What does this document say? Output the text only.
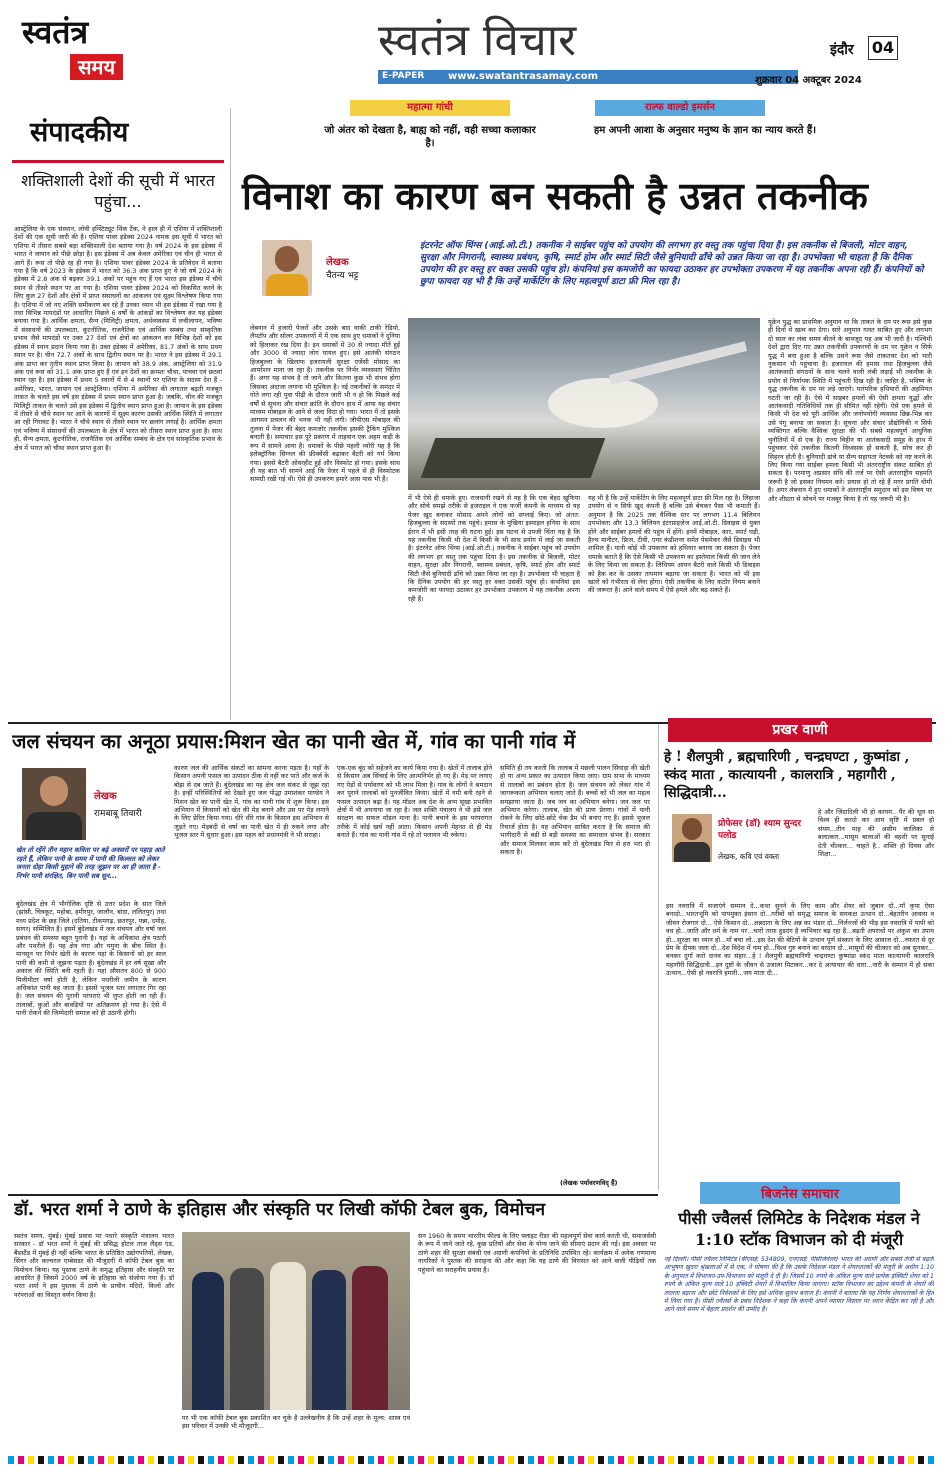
स्वतंत्र
समय
स्वतंत्र विचार
E-PAPER www.swatantrasamay.com
इंदौर 04
शुक्रवार 04 अक्टूबर 2024
महात्मा गांधी
जो अंतर को देखता है, बाह्य को नहीं, वही सच्चा कलाकार है।
राल्फ वाल्डो इमर्सन
हम अपनी आशा के अनुसार मनुष्य के ज्ञान का न्याय करते हैं।
संपादकीय
शक्तिशाली देशों की सूची में भारत पहुंचा...
आस्ट्रेलिया के एक संस्थान, लोवी इन्स्टिट्यूट थिंक टैंक, ने हाल ही में एशिया में शक्तिशाली देशों की एक सूची जारी की है। एशिया पावर इंडेक्स 2024 नामक इस सूची में भारत को एशिया में तीसरा सबसे बड़ा शक्तिशाली देश बताया गया है। वर्ष 2024 के इस इंडेक्स में भारत ने जापान को पीछे छोड़ा है। इस इंडेक्स में अब केवल अमेरिका एवं चीन ही भारत से आगे हैं। रूस तो पीछे रह ही गया है। एशिया पावर इंडेक्स 2024 के प्रतिवेदन में बताया गया है कि वर्ष 2023 के इंडेक्स में भारत को 36.3 अंक प्राप्त हुए थे जो वर्ष 2024 के इंडेक्स में 2.8 अंक से बढ़कर 39.1 अंकों पर पहुंच गए हैं एवं भारत इस इंडेक्स में चौथे स्थान से तीसरे स्थान पर आ गया है। एशिया पावर इंडेक्स 2024 को विकसित करने के लिए कुल 27 देशों और क्षेत्रों में प्राप्त संसाधनों का आंकलन एवं सूक्ष्म विश्लेषण किया गया है। एशिया में जो नए शक्ति समीकरण बन रहे हैं उनका ध्यान भी इस इंडेक्स में रखा गया है तथा विभिन्न मापदंडों पर आधारित पिछले 6 वर्षों के आंकड़ों का विश्लेषण कर यह इंडेक्स बनाया गया है। आर्थिक क्षमता, सैन्य (मिलिट्री) क्षमता, अर्थव्यवस्था में लचीलापन, भविष्य में संसाधनों की उपलब्धता, कूटनीतिक, राजनैतिक एवं आर्थिक सम्बंध तथा संस्कृतिक प्रभाव जैसे मापदंडों पर उक्त 27 देशों एवं क्षेत्रों का आंकलन कर विभिन्न देशों को इस इंडेक्स में स्थान प्रदान किया गया है। उक्त इंडेक्स में अमेरिका, 81.7 अंकों के साथ प्रथम स्थान पर है। चीन 72.7 अंकों के साथ द्वितीय स्थान पर है। भारत ने इस इंडेक्स में 39.1 अंक प्राप्त कर तृतीय स्थान प्राप्त किया है। जापान को 38.9 अंक, आस्ट्रेलिया को 31.9 अंक एवं रूस को 31.1 अंक प्राप्त हुए हैं एवं इन देशों का क्रमशः चौथा, पांचवा एवं छठवां स्थान रहा है। इस इंडेक्स में प्रथम 5 स्थानों में से 4 स्थानों पर एशिया के सदस्य देश हैं - अमेरिका, भारत, जापान एवं आस्ट्रेलिया। एशिया में अमेरिका की लगातार बढ़ती मजबूत ताकत के चलते इस वर्ष इस इंडेक्स में प्रथम स्थान प्राप्त हुआ है। जबकि, चीन की मजबूत मिलिट्री ताकत के चलते उसे इस इंडेक्स में द्वितीय स्थान प्राप्त हुआ है। जापान के इस इंडेक्स में तीसरे से चौथे स्थान पर आने के कारणों में सूक्ष्म कारण उसकी आर्थिक स्थिति में लगातार आ रही गिरावट है। भारत ने चौथे स्थान से तीसरे स्थान पर छलांग लगाई है। आर्थिक क्षमता एवं भविष्य में संसाधनों की उपलब्धता के क्षेत्र में भारत को तीसरा स्थान प्राप्त हुआ है। साथ ही, सैन्य क्षमता, कूटनीतिक, राजनैतिक एवं आर्थिक सम्बंध के क्षेत्र एवं सांस्कृतिक प्रभाव के क्षेत्र में भारत को चौथा स्थान प्राप्त हुआ है।
विनाश का कारण बन सकती है उन्नत तकनीक
लेखक
चैतन्य भट्ट
इंटरनेट ऑफ थिंग्स (आई.ओ.टी.) तकनीक ने साईबर पहुंच को उपयोग की लगभग हर वस्तु तक पहुंचा दिया है। इस तकनीक से बिजली, मोटर वाहन, सुरक्षा और निगरानी, स्वास्थ्य प्रबंधन, कृषि, स्मार्ट होम और स्मार्ट सिटी जैसे बुनियादी ढाँचे को उन्नत किया जा रहा है। उपभोक्ता भी चाहता है कि दैनिक उपयोग की हर वस्तु हर वक्त उसकी पहुंच हो। कंपनियां इस कमजोरी का फायदा उठाकर हर उपभोक्ता उपकरण में यह तकनीक अपना रही हैं। कंपनियों को छुपा फायदा यह भी है कि उन्हें मार्केटिंग के लिए महत्वपूर्ण डाटा फ्री मिल रहा है।
लेबनान में हजारों पेजरों और उसके बाद वाकी टाकी रेडियो, लैपटॉप और सोलर उपकरणों में में एक साथ हुए धमाकों ने दुनिया को हिलाकर रख दिया है। इन धमाकों में 30 से ज्यादा मौतें हुईं और 3000 से ज्यादा लोग घायल हुए। इसे आतंकी संगठन हिजबुल्ला के खिलाफ इजरायली सुरक्षा एजेंसी मोसाद का आपरेशन माना जा रहा है। तकनीक पर निर्भर व्यवस्थाएं चिंतित हैं। अगर यह संभव है तो जाने और कितना कुछ भी संभव होगा जिसका अंदाजा लगाना भी मुश्किल है। नई तकनीकों के समंदर में गोते लगा रही युवा पीढ़ी के दौरान जारी भी न हो कि पिछले कई वर्षों से सूचना और संचार क्रांति के दौरान हाथ में आया यह संचार माध्यम मोबाइल के आने से जल्द विदा हो गया। भारत में तो इसके आगमन प्रचलन की भनक भी नहीं लगी। जीपीएस मोबाइल की तुलना में पेजर की बेहद कमजोर तकनीक इसकी ट्रैकिंग मुश्किल बनाती है। समाचार इस पूरे प्रकरण में ताइवान एक अहम कड़ी के रूप में सामने आया है। धमाकों के पीछे पहली थ्योरी यह है कि इलेक्ट्रॉनिक सिग्नल की फ्रीक्वेंसी बढ़ाकर बैटरी को गर्म किया गया। इससे बैटरी ओवरहीट हुई और विस्फोट हो गया। इसके साथ ही यह बात भी सामने आई कि पेजर में पहले से ही विस्फोटक सामग्री रखी गई थी। ऐसे ही उपकरण हमारे आस पास भी हैं।
में भी ऐसे ही धमाके हुए। राजधानी रखने से यह है कि एक बेहद खुफिया और सोचे समझे तरीके से इजराइल ने एक फर्जी कंपनी के माध्यम से यह पेजर खुद बनाकर मोसाद अपने लोगों को सप्लाई किए। जो अंतत: हिजबुल्ला के सदस्यों तक पहुंचे। हमास के मुखिया इस्माइल हनिया के साथ ईरान में भी इसी तरह की घटना हुई। इस घटना से उपजी चिंता यह है कि यह तकनीक किसी भी देश में किसी के भी साथ प्रयोग में लाई जा सकती है। इंटरनेट ऑफ थिंग्स (आई.ओ.टी.) तकनीक ने साईबर पहुंच को उपयोग की लगभग हर वस्तु तक पहुंचा दिया है। इस तकनीक से बिजली, मोटर वाहन, सुरक्षा और निगरानी, स्वास्थ्य प्रबंधन, कृषि, स्मार्ट होम और स्मार्ट सिटी जैसे बुनियादी ढाँचे को उन्नत किया जा रहा है। उपभोक्ता भी चाहता है कि दैनिक उपयोग की हर वस्तु हर वक्त उसकी पहुंच हो। कंपनियां इस कमजोरी का फायदा उठाकर हर उपभोक्ता उपकरण में यह तकनीक अपना रही हैं।
यह भी है कि उन्हें मार्केटिंग के लिए महत्वपूर्ण डाटा फ्री मिल रहा है। लिहाजा उपयोग से न सिर्फ खुद कंपनी है बल्कि उसे बेचकर पैसा भी कमाती हैं। अनुमान है कि 2025 तक वैश्विक स्तर पर लगभग 11.4 बिलियन उपभोक्ता और 13.3 बिलियन इंटरप्राइज़ेज आई.ओ.टी. डिवाइस से युक्त होंगे और साईबर हमलों की पहुंच में होंगे। इनमें मोबाइल, कार, स्मार्ट घड़ी, हैल्थ मानीटर, फ्रिज, टीवी, एयर कंडीशनर समेत पेसमेकर जैसे डिवाइस भी शामिल हैं। यानी कोई भी उपकरण को हथियार बनाया जा सकता है। पेजर धमाके बताते हैं कि ऐसे किसी भी उपकरण का इस्तेमाल किसी की जान लेने के लिए किया जा सकता है। लिथियम आयन बैटरी वाले किसी भी डिवाइस को हैक कर के उसका तापमान बढ़ाया जा सकता है। भारत को भी इस खतरे को गंभीरता से लेना होगा। ऐसी तकनीक के लिए कठोर नियम बनाने की जरूरत है। आने वाले समय में ऐसे हमले और बढ़ सकते हैं।
यूक्रेन युद्ध का प्राथमिक अनुमान था कि ताकत के दम पर रूस इसे कुछ ही दिनों में खत्म कर देगा। सारे अनुमान गलत साबित हुए और लगभग दो साल का लंबा समय बीतने के बावजूद यह अब भी जारी है। पश्चिमी देशों द्वारा दिए गए उन्नत तकनीकी उपकरणों के दम पर यूक्रेन न सिर्फ युद्ध में बना हुआ है बल्कि उसने रूस जैसे ताकतवर देश को भारी नुकसान भी पहुंचाया है। इजरायल की हमास तथा हिजबुल्ला जैसे आतंकवादी संगठनों के साथ चलने वाली लंबी लड़ाई भी तकनीक के प्रयोग से निर्णायक स्थिति में पहुंचती दिख रही है। जाहिर है, भविष्य के युद्ध तकनीक के दम पर लड़े जाएंगे। पारंपरिक हथियारों की अहमियत घटती जा रही है। ऐसे में साइबर हमलों की ऐसी क्षमता युद्धों और आतंकवादी गतिविधियों तक ही सीमित नहीं रहेगी। ऐसे एक हमले से किसी भी देश को पूरी आर्थिक और जनोपयोगी व्यवस्था छिन्न-भिन्न कर उसे पंगु बनाया जा सकता है। सूचना और संचार प्रौद्योगिकी न सिर्फ व्यक्तिगत बल्कि वैश्विक सुरक्षा की भी सबसे महत्वपूर्ण आधुनिक चुनौतियों में से एक है। राज्य विहीन या आतंकवादी समूह के हाथ में पहुंचकर ऐसे तकनीक कितनी विध्वंसक हो सकती है, सोच कर ही सिहरन होती है। बुनियादी ढांचे या सैन्य सहायता नेटवर्क को नष्ट करने के लिए किया गया साईबर हमला किसी भी अंतरराष्ट्रीय संकट साबित हो सकता है। परमाणु अप्रसार संधि की तर्ज पर ऐसी अंतरराष्ट्रीय सहमति जरूरी है जो इसका नियमन करे। प्रयास हो तो रहे हैं मगर प्रगति धीमी है। अगर लेबनान में हुए धमाकों ने अंतरराष्ट्रीय समुदाय को इस विषय पर और शीघ्रता से सोचने पर मजबूर किया है तो यह जरूरी भी है।
जल संचयन का अनूठा प्रयास:मिशन खेत का पानी खेत में, गांव का पानी गांव में
लेखक
रामबाबू तिवारी
खेत तो रहेंगे तीन महान कविता पर बढ़े अवसरों पर पहाड़ आते रहते हैं, लेकिन पानी के समय में पानी की किल्लत को लेकर जनता दोहा किसी मुहाने की तरह जूझन पर आ ही जाता है - निर्भर पानी संरक्षित, बिन पानी सब सून...
बुंदेलखंड क्षेत्र में भौगोलिक दृष्टि से उत्तर प्रदेश के सात जिले (झांसी, चित्रकूट, महोबा, हमीरपुर, जालौन, बांदा, ललितपुर) तथा मध्य प्रदेश के छह जिले (दतिया, टीकमगढ़, छतरपुर, पन्ना, दमोह, सागर) सम्मिलित हैं। इसमें बुंदेलखंड में जल संचयन और वर्षा जल प्रबंधन की समस्या बहुत पुरानी है। यहां के अधिकांश क्षेत्र पठारी और पथरीले हैं। यह क्षेत्र गंगा और यमुना के बीच स्थित है। मानसून पर निर्भर खेती के कारण यहां के किसानों को हर साल पानी की कमी से जूझना पड़ता है। बुंदेलखंड में हर वर्ष सूखा और अकाल की स्थिति बनी रहती है। यहां औसतन 800 से 900 मिलीमीटर वर्षा होती है, लेकिन पथरीली जमीन के कारण अधिकांश पानी बह जाता है। इससे भूजल स्तर लगातार गिर रहा है। जल संचयन की पुरानी परंपराएं भी लुप्त होती जा रही हैं। तालाबों, कुओं और बावड़ियों पर अतिक्रमण हो गया है। ऐसे में पानी रोकने की जिम्मेदारी समाज को ही उठानी होगी।
कारण जल की आर्थिक संकटों का सामना करना पड़ता है। यहाँ के किसान अपनी फसल का उत्पादन ठीक से नहीं कर पाते और कर्ज के बोझ से दब जाते हैं। बुंदेलखंड का यह क्षेत्र जल संकट से जूझ रहा है। इन्हीं परिस्थितियों को देखते हुए जल योद्धा उमाशंकर पाण्डेय ने मिशन खेत का पानी खेत में, गांव का पानी गांव में शुरू किया। इस अभियान में किसानों को खेत की मेड़ बनाने और उस पर पेड़ लगाने के लिए प्रेरित किया गया। धीरे धीरे गांव के किसान इस अभियान से जुड़ते गए। मेड़बंदी से वर्षा का पानी खेत में ही रुकने लगा और भूजल स्तर में सुधार हुआ। इस पहल को प्रधानमंत्री ने भी सराहा।
एक-एक बूंद को सहेजने का कार्य किया गया है। खेतों में तालाब होने से किसान अब सिंचाई के लिए आत्मनिर्भर हो गए हैं। मेड़ पर लगाए गए पेड़ों से पर्यावरण को भी लाभ मिला है। गांव के लोगों ने श्रमदान कर पुराने तालाबों को पुनर्जीवित किया। खेतों में नमी बनी रहने से फसल उत्पादन बढ़ा है। यह मॉडल अब देश के अन्य सूखा प्रभावित क्षेत्रों में भी अपनाया जा रहा है। जल शक्ति मंत्रालय ने भी इसे जल संरक्षण का सफल मॉडल माना है। पानी बचाने के इस परंपरागत तरीके में कोई खर्च नहीं आता। किसान अपनी मेहनत से ही मेड़ बनाते हैं। गांव का पानी गांव में रहे तो पलायन भी रुकेगा।
समिति ही तय करती कि तालाब में मछली पालन सिंघाड़ा की खेती हो या अन्य प्रकार का उत्पादन किया जाए। ग्राम सभा के माध्यम से तालाबों का प्रबंधन होता है। जल संचयन को लेकर गांव में जागरूकता अभियान चलाए जाते हैं। बच्चों को भी जल का महत्व समझाया जाता है। जब जन का अभियान बनेगा। जन जल पर अभियान करेगा। तालाब, खेत की प्राण प्रेरणा। गांवों में पानी रोकने के लिए छोटे-छोटे चेक डैम भी बनाए गए हैं। इससे भूजल रिचार्ज होता है। यह अभियान साबित करता है कि समाज की भागीदारी से बड़ी से बड़ी समस्या का समाधान संभव है। सरकार और समाज मिलकर काम करें तो बुंदेलखंड फिर से हरा भरा हो सकता है।
(लेखक पर्यावरणविद् हैं)
प्रखर वाणी
हे ! शैलपुत्री , ब्रह्मचारिणी , चन्द्रघण्टा , कुष्मांडा , स्कंद माता , कात्यायनी , कालरात्रि , महागौरी , सिद्धिदात्री...
प्रोफेसर (डॉ) श्याम सुन्दर पलोड
लेखक, कवि एवं वक्ता
हे और जिंदादिली भी हो कायम.. पैंर की धूल सा विश्व ही करदो कर आम सृष्टि में प्रबल हो संयम...तीन माह की असीम कालिका से बलात्कार...मासूम बालाओं की वहशी पर सुनाई देती चीत्कार... चाहते है.. शक्ति हो दिवस और शिक्षा...
इस नवरात्रि में सजाएंगे सम्मान दे...कथा सुनने के लिए काम और शेयर को जुबान दो...माँ कृपा ऐसा बनादो...भारतभूमि को पापमुक्त इंसान दो...गरीबों को समृद्ध समाज के समकक्ष उत्थान दो...बेहतरीन आवास व जीवन रोजगार दो... ऐसे किसान दो...अन्नदाता के लिए अन्न का भंडार दो...निर्लज्जों की भीड़ इस नवरात्रि में पापी को वध हो...जाति और धर्म के नाम पर...चारों तरफ़ हुड़दंग है व्यभिचार बढ़ रहा है...बढ़ती अपराधों पर अंकुश का उपाय हो...सुरक्षा का ध्यान हो...माँ बचा लो...इस देश की बेटियों के उत्थान पूर्ण संस्कार के लिए आवाज दो...नफरत से दूर प्रेम के दीपक जला दो...देश विदेश में नाम हो...विश्व गुरु बनाने का वरदान दो...मासूमों की चीत्कार को अब सुनकर... बनकर दुर्गा करो दानव का संहार...हे ! शैलपुत्री ब्रह्मचारिणी चन्द्रघण्टा कुष्मांडा स्कंद माता कात्यायनी कालरात्रि महागौरी सिद्धिदात्री...इन दुष्टों के जीवन से उजाला मिटाकर...कर दे अत्याचार की धारा...नारी के सम्मान में हो सका उत्थान...ऐसी हो नवरात्रि हमारी...जय माता दी...
बिजनेस समाचार
पीसी ज्वैलर्स लिमिटेड के निदेशक मंडल ने 1:10 स्टॉक विभाजन को दी मंजूरी
नई दिल्ली। पीसी ज्वैलर लिमिटेड (बीएसई: 534809, एनएसई: पीसीजेवेलर) भारत की अग्रणी और सबसे तेजी से बढ़ती आभूषण खुदरा श्रृंखलाओं में से एक, ने घोषणा की है कि उसके निदेशक मंडल ने शेयरधारकों की मंजूरी के अधीन 1:10 के अनुपात में विभाजन-उप-विभाजन को मंजूरी दे दी है। जिसमें 10 रुपये के अंकित मूल्य वाले प्रत्येक इक्विटी शेयर को 1 रुपये के अंकित मूल्य वाले 10 इक्विटी शेयरों में विभाजित किया जाएगा। स्टॉक विभाजन का उद्देश्य कंपनी के शेयरों की तरलता बढ़ाना और छोटे निवेशकों के लिए इसे अधिक सुलभ बनाना है। कंपनी ने बताया कि यह निर्णय शेयरधारकों के हित में लिया गया है। पीसी ज्वैलर्स के प्रबंध निदेशक ने कहा कि कंपनी अपने व्यापार विस्तार पर ध्यान केंद्रित कर रही है और आने वाले समय में बेहतर प्रदर्शन की उम्मीद है।
डॉ. भरत शर्मा ने ठाणे के इतिहास और संस्कृति पर लिखी कॉफी टेबल बुक, विमोचन
स्वतंत्र समय, मुंबई। मुंबई प्रवास पर पधारे संस्कृति मंत्रालय भारत सरकार - डॉ भरत शर्मा ने मुंबई की प्रसिद्ध होटल ताज लैंड्स एंड, बैंडस्टैंड में मुंबई ही नहीं बल्कि भारत के प्रतिष्ठित उद्योगपतियों, लेखक, सिंगर और कल्चरल एम्बेसडर की मौजूदगी में कॉफी टेबल बुक का विमोचन किया। यह पुस्तक ठाणे के समृद्ध इतिहास और संस्कृति पर आधारित है जिसमें 2000 वर्ष के इतिहास को संजोया गया है। डॉ भरत शर्मा ने इस पुस्तक में ठाणे के प्राचीन मंदिरों, किलों और परंपराओं का विस्तृत वर्णन किया है।
पर भी एक कॉफी टेबल बुक प्रकाशित कर चुके है उल्लेखनीय है कि उन्हें शहर के मूल्य: शास्त्र एवं इस परिवार में उनकी भी मौजूदगी...
सन 1960 के समय भारतीय फील्ड के लिए फ्लाइट रीडर की महत्वपूर्ण सेवा कार्य करती थी, समाजसेवी के रूप में जाने जाते रहे, कुछ प्रतियों और सेवा के योग्य जाने की सीमाएं प्रदान की गई। इस अवसर पर ठाणे शहर की सुरक्षा संबंधी एवं अग्रणी कंपनियों के प्रतिनिधि उपस्थित रहे। कार्यक्रम में अनेक गणमान्य नागरिकों ने पुस्तक की सराहना की और कहा कि यह ठाणे की विरासत को आने वाली पीढ़ियों तक पहुंचाने का सराहनीय प्रयास है।
